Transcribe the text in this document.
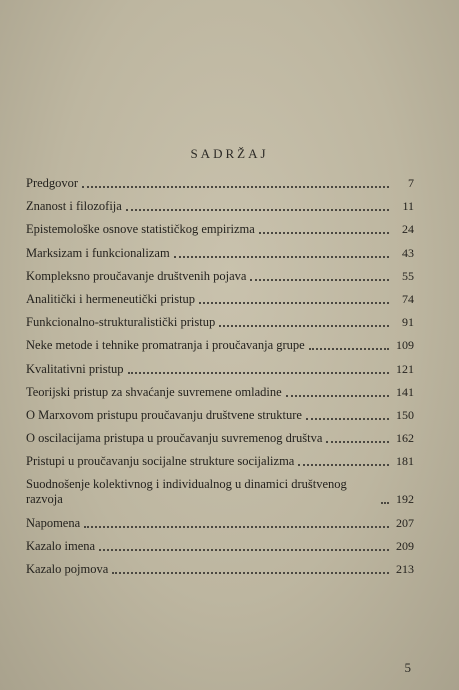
SADRŽAJ
Predgovor	7
Znanost i filozofija	11
Epistemološke osnove statističkog empirizma	24
Marksizam i funkcionalizam	43
Kompleksno proučavanje društvenih pojava	55
Analitički i hermeneutički pristup	74
Funkcionalno-strukturalistički pristup	91
Neke metode i tehnike promatranja i proučavanja grupe	109
Kvalitativni pristup	121
Teorijski pristup za shvaćanje suvremene omladine	141
O Marxovom pristupu proučavanju društvene strukture	150
O oscilacijama pristupa u proučavanju suvremenog društva	162
Pristupi u proučavanju socijalne strukture socijalizma	181
Suodnošenje kolektivnog i individualnog u dinamici društvenog razvoja	192
Napomena	207
Kazalo imena	209
Kazalo pojmova	213
5
